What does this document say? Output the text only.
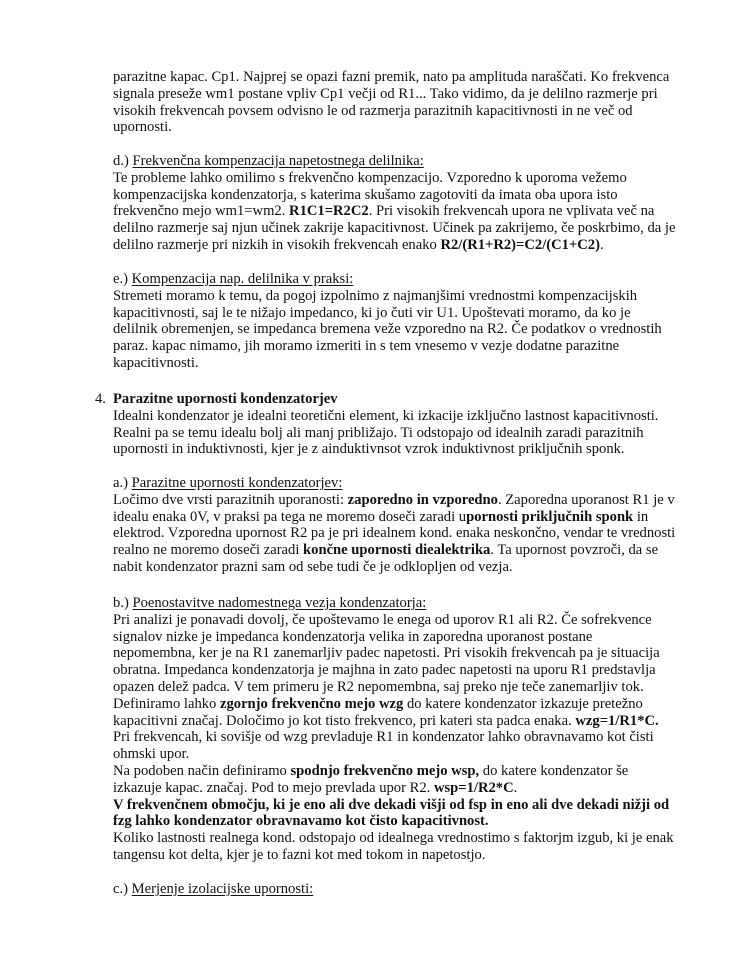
parazitne kapac. Cp1. Najprej se opazi fazni premik, nato pa amplituda naraščati. Ko frekvenca
signala preseže wm1 postane vpliv Cp1 večji od R1... Tako vidimo, da je delilno razmerje pri
visokih frekvencah povsem odvisno le od razmerja parazitnih kapacitivnosti in ne več od
upornosti.
d.) Frekvenčna kompenzacija napetostnega delilnika:
Te probleme lahko omilimo s frekvenčno kompenzacijo. Vzporedno k uporoma vežemo
kompenzacijska kondenzatorja, s katerima skušamo zagotoviti da imata oba upora isto
frekvenčno mejo wm1=wm2. R1C1=R2C2. Pri visokih frekvencah upora ne vplivata več na
delilno razmerje saj njun učinek zakrije kapacitivnost. Učinek pa zakrijemo, če poskrbimo, da je
delilno razmerje pri nizkih in visokih frekvencah enako R2/(R1+R2)=C2/(C1+C2).
e.) Kompenzacija nap. delilnika v praksi:
Stremeti moramo k temu, da pogoj izpolnimo z najmanjšimi vrednostmi kompenzacijskih
kapacitivnosti, saj le te nižajo impedanco, ki jo čuti vir U1. Upoštevati moramo, da ko je
delilnik obremenjen, se impedanca bremena veže vzporedno na R2. Če podatkov o vrednostih
paraz. kapac nimamo, jih moramo izmeriti in s tem vnesemo v vezje dodatne parazitne
kapacitivnosti.
4. Parazitne upornosti kondenzatorjev
Idealni kondenzator je idealni teoretični element, ki izkacije izključno lastnost kapacitivnosti.
Realni pa se temu idealu bolj ali manj približajo. Ti odstopajo od idealnih zaradi parazitnih
upornosti in induktivnosti, kjer je z ainduktivnsot vzrok induktivnost priključnih sponk.
a.) Parazitne upornosti kondenzatorjev:
Ločimo dve vrsti parazitnih uporanosti: zaporedno in vzporedno. Zaporedna uporanost R1 je v
idealu enaka 0V, v praksi pa tega ne moremo doseči zaradi upornosti priključnih sponk in
elektrod. Vzporedna upornost R2 pa je pri idealnem kond. enaka neskončno, vendar te vrednosti
realno ne moremo doseči zaradi končne upornosti diealektrika. Ta upornost povzroči, da se
nabit kondenzator prazni sam od sebe tudi če je odklopljen od vezja.
b.) Poenostavitve nadomestnega vezja kondenzatorja:
Pri analizi je ponavadi dovolj, če upoštevamo le enega od uporov R1 ali R2. Če sofrekvence
signalov nizke je impedanca kondenzatorja velika in zaporedna uporanost postane
nepomembna, ker je na R1 zanemarljiv padec napetosti. Pri visokih frekvencah pa je situacija
obratna. Impedanca kondenzatorja je majhna in zato padec napetosti na uporu R1 predstavlja
opazen delež padca. V tem primeru je R2 nepomembna, saj preko nje teče zanemarljiv tok.
Definiramo lahko zgornjo frekvenčno mejo wzg do katere kondenzator izkazuje pretežno
kapacitivni značaj. Določimo jo kot tisto frekvenco, pri kateri sta padca enaka. wzg=1/R1*C.
Pri frekvencah, ki sovišje od wzg prevladuje R1 in kondenzator lahko obravnavamo kot čisti
ohmski upor.
Na podoben način definiramo spodnjo frekvenčno mejo wsp, do katere kondenzator še
izkazuje kapac. značaj. Pod to mejo prevlada upor R2. wsp=1/R2*C.
V frekvenčnem območju, ki je eno ali dve dekadi višji od fsp in eno ali dve dekadi nižji od
fzg lahko kondenzator obravnavamo kot čisto kapacitivnost.
Koliko lastnosti realnega kond. odstopajo od idealnega vrednostimo s faktorjm izgub, ki je enak
tangensu kot delta, kjer je to fazni kot med tokom in napetostjo.
c.) Merjenje izolacijske upornosti:
